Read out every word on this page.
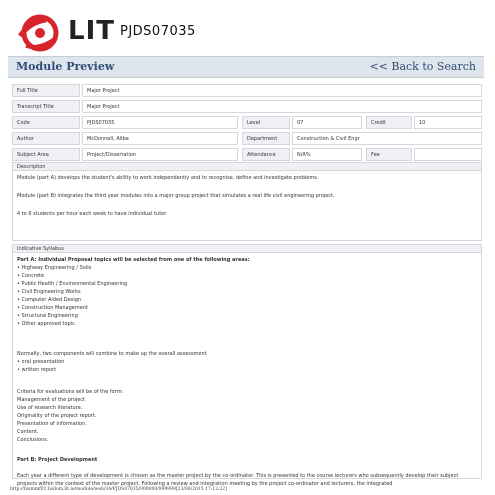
LIT PJDS07035
Module Preview	<< Back to Search
Full Title	Major Project
Transcript Title	Major Project
Code	PJDS07035	Level	07	Credit	10
Author	McDonnell, Ailbe	Department	Construction & Civil Engr
Subject Area	Project/Dissertation	Attendance	N/A%	Fee
Description
Module (part A) develops the student's ability to work independently and to recognise, define and investigate problems.
Module (part B) integrates the third year modules into a major group project that simulates a real life civil engineering project.
4 to 6 students per hour each week to have individual tutor
Indicative Syllabus
Part A: Individual Proposal topics will be selected from one of the following areas:
• Highway Engineering / Soils
• Concrete
• Public Health / Environmental Engineering
• Civil Engineering Works
• Computer Aided Design
• Construction Management
• Structural Engineering
• Other approved topic
Normally, two components will combine to make up the overall assessment
• oral presentation
• written report
Criteria for evaluations will be of the form:
Management of the project
Use of research literature.
Originality of the project report.
Presentation of information.
Content.
Conclusions.
Part B: Project Development
Each year a different type of development is chosen as the master project by the co-ordinator. This is presented to the course lecturers who subsequently develop their subject projects within the context of the master project. Following a review and integration meeting by the project co-ordinator and lecturers, the integrated
http://bismmf01.lisdom.lit.ie/module/web/34/PJDS07035/000000/999999[23/06/2015 17:12:22]
